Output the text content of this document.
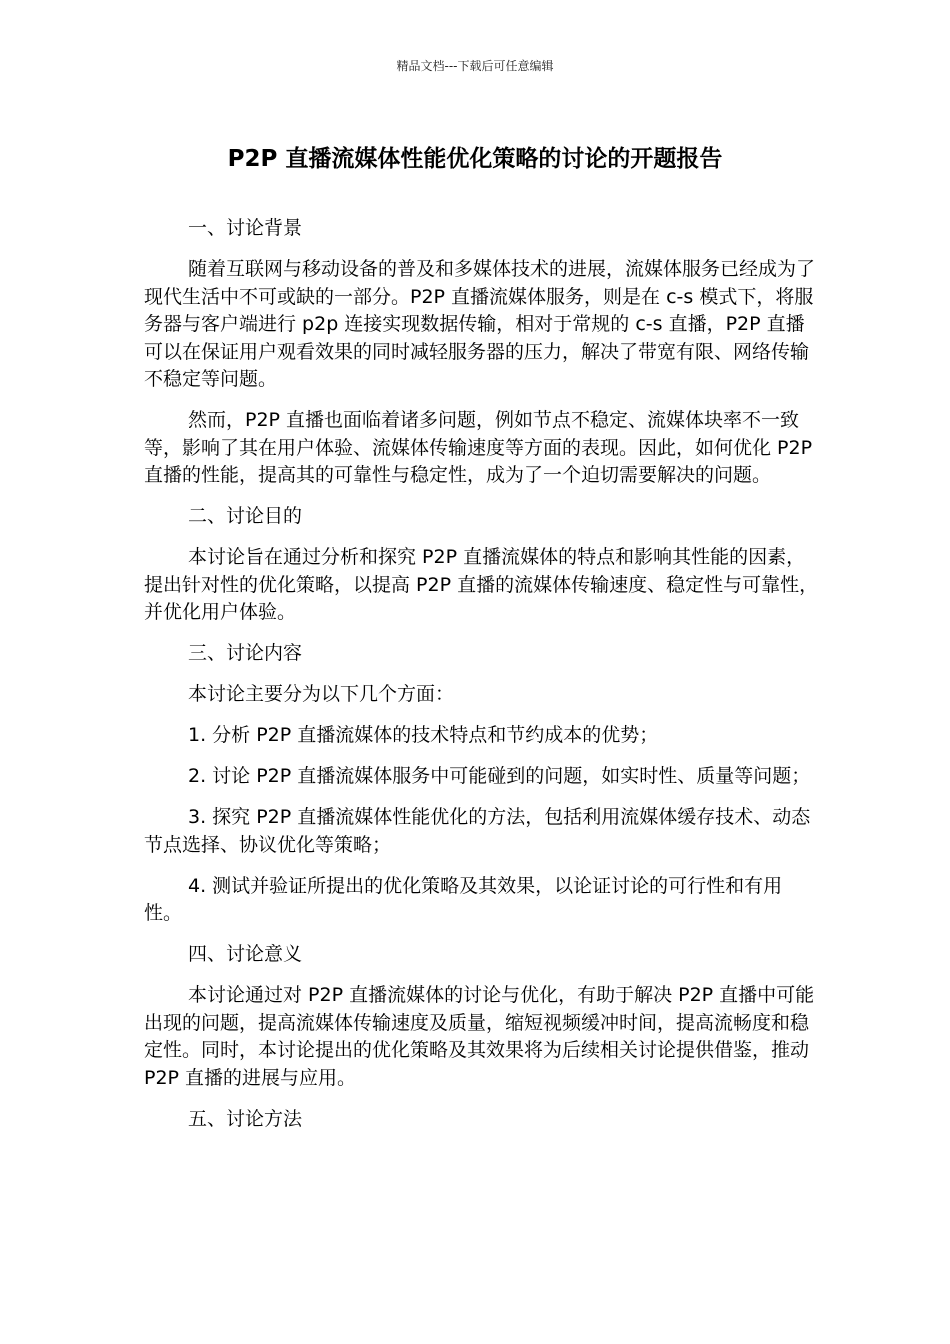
精品文档---下载后可任意编辑
P2P 直播流媒体性能优化策略的讨论的开题报告

一、讨论背景

随着互联网与移动设备的普及和多媒体技术的进展，流媒体服务已经成为了现代生活中不可或缺的一部分。P2P 直播流媒体服务，则是在 c-s 模式下，将服务器与客户端进行 p2p 连接实现数据传输，相对于常规的 c-s 直播，P2P 直播可以在保证用户观看效果的同时减轻服务器的压力，解决了带宽有限、网络传输不稳定等问题。

然而，P2P 直播也面临着诸多问题，例如节点不稳定、流媒体块率不一致等，影响了其在用户体验、流媒体传输速度等方面的表现。因此，如何优化 P2P 直播的性能，提高其的可靠性与稳定性，成为了一个迫切需要解决的问题。

二、讨论目的

本讨论旨在通过分析和探究 P2P 直播流媒体的特点和影响其性能的因素，提出针对性的优化策略，以提高 P2P 直播的流媒体传输速度、稳定性与可靠性，并优化用户体验。

三、讨论内容

本讨论主要分为以下几个方面：

1. 分析 P2P 直播流媒体的技术特点和节约成本的优势；

2. 讨论 P2P 直播流媒体服务中可能碰到的问题，如实时性、质量等问题；

3. 探究 P2P 直播流媒体性能优化的方法，包括利用流媒体缓存技术、动态节点选择、协议优化等策略；

4. 测试并验证所提出的优化策略及其效果，以论证讨论的可行性和有用性。

四、讨论意义

本讨论通过对 P2P 直播流媒体的讨论与优化，有助于解决 P2P 直播中可能出现的问题，提高流媒体传输速度及质量，缩短视频缓冲时间，提高流畅度和稳定性。同时，本讨论提出的优化策略及其效果将为后续相关讨论提供借鉴，推动 P2P 直播的进展与应用。

五、讨论方法
